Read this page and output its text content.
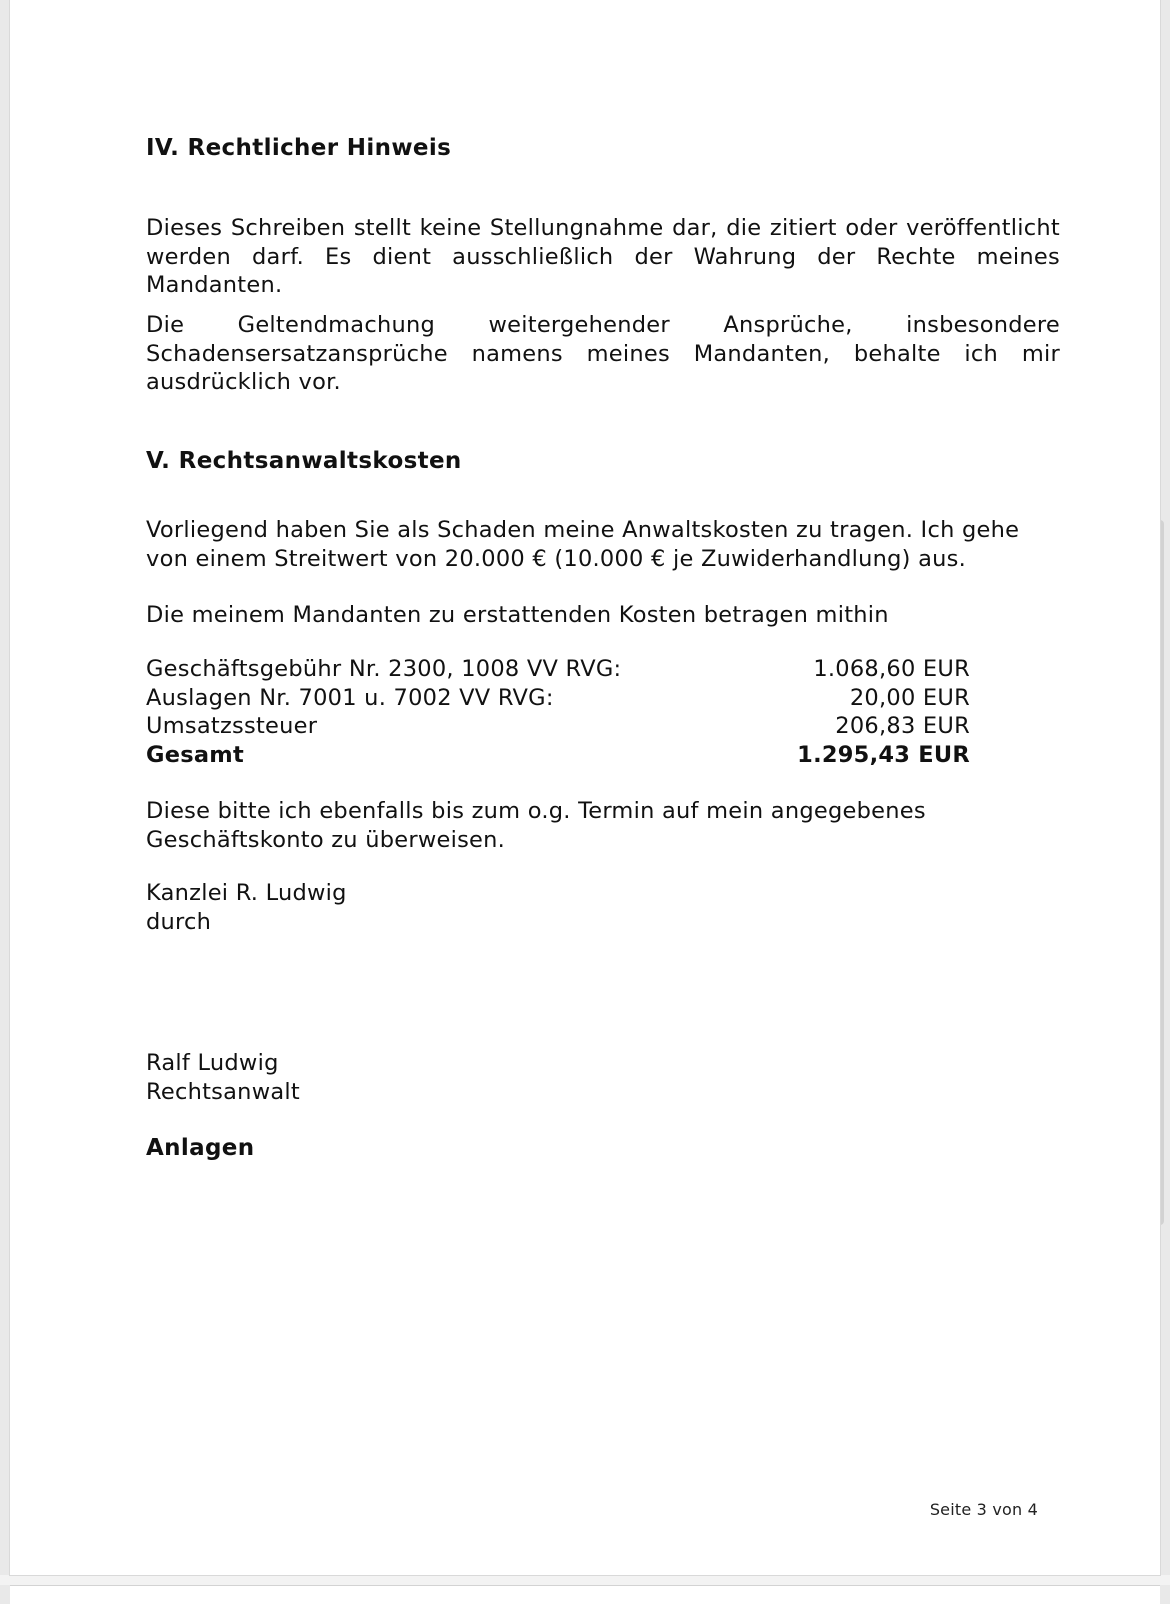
IV. Rechtlicher Hinweis

Dieses Schreiben stellt keine Stellungnahme dar, die zitiert oder veröffentlicht werden darf. Es dient ausschließlich der Wahrung der Rechte meines Mandanten.

Die Geltendmachung weitergehender Ansprüche, insbesondere Schadensersatzansprüche namens meines Mandanten, behalte ich mir ausdrücklich vor.

V. Rechtsanwaltskosten

Vorliegend haben Sie als Schaden meine Anwaltskosten zu tragen. Ich gehe von einem Streitwert von 20.000 € (10.000 € je Zuwiderhandlung) aus.

Die meinem Mandanten zu erstattenden Kosten betragen mithin

Geschäftsgebühr Nr. 2300, 1008 VV RVG:	1.068,60 EUR
Auslagen Nr. 7001 u. 7002 VV RVG:	20,00 EUR
Umsatzssteuer	206,83 EUR
Gesamt	1.295,43 EUR

Diese bitte ich ebenfalls bis zum o.g. Termin auf mein angegebenes Geschäftskonto zu überweisen.

Kanzlei R. Ludwig
durch
Ralf Ludwig
Rechtsanwalt
Anlagen
Seite 3 von 4
